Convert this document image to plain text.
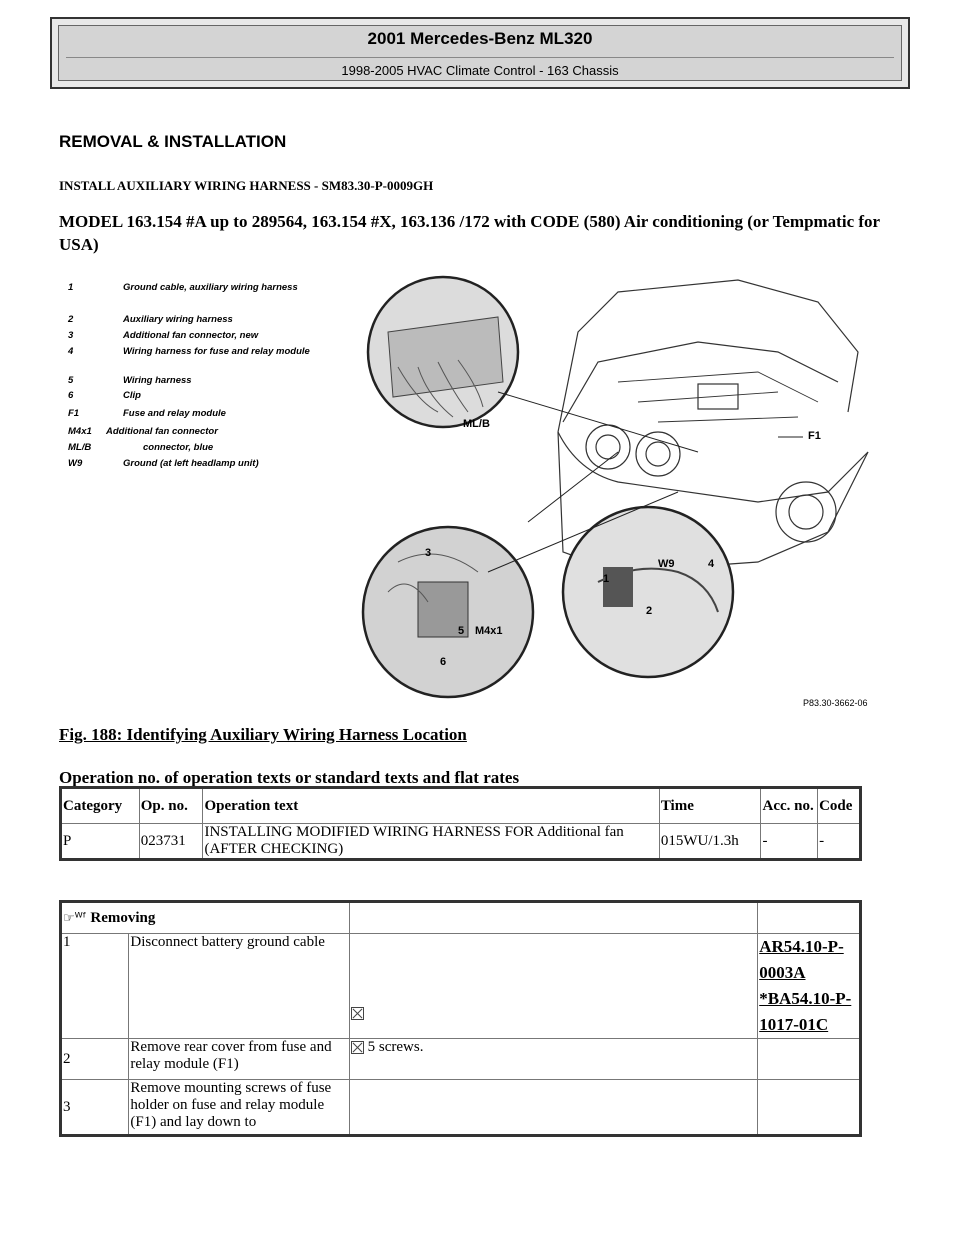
2001 Mercedes-Benz ML320
1998-2005 HVAC Climate Control - 163 Chassis
REMOVAL & INSTALLATION
INSTALL AUXILIARY WIRING HARNESS - SM83.30-P-0009GH
MODEL 163.154 #A up to 289564, 163.154 #X, 163.136 /172 with CODE (580) Air conditioning (or Tempmatic for USA)
1	Ground cable, auxiliary wiring harness
2	Auxiliary wiring harness
3	Additional fan connector, new
4	Wiring harness for fuse and relay module
5	Wiring harness
6	Clip
F1	Fuse and relay module
M4x1 Additional fan connector
ML/B	connector, blue
W9	Ground (at left headlamp unit)
ML/B
F1
W9	4
1
2
3
5 M4x1
6
P83.30-3662-06
Fig. 188: Identifying Auxiliary Wiring Harness Location
Operation no. of operation texts or standard texts and flat rates
Category	Op. no.	Operation text	Time	Acc. no.	Code
P	023731	INSTALLING MODIFIED WIRING HARNESS FOR Additional fan (AFTER CHECKING)	015WU/1.3h	-	-
☞ᵂᶠ Removing			
1	Disconnect battery ground cable		AR54.10-P-0003A
*BA54.10-P-1017-01C

2	Remove rear cover from fuse and relay module (F1)	5 screws.	
3	Remove mounting screws of fuse holder on fuse and relay module (F1) and lay down to		
